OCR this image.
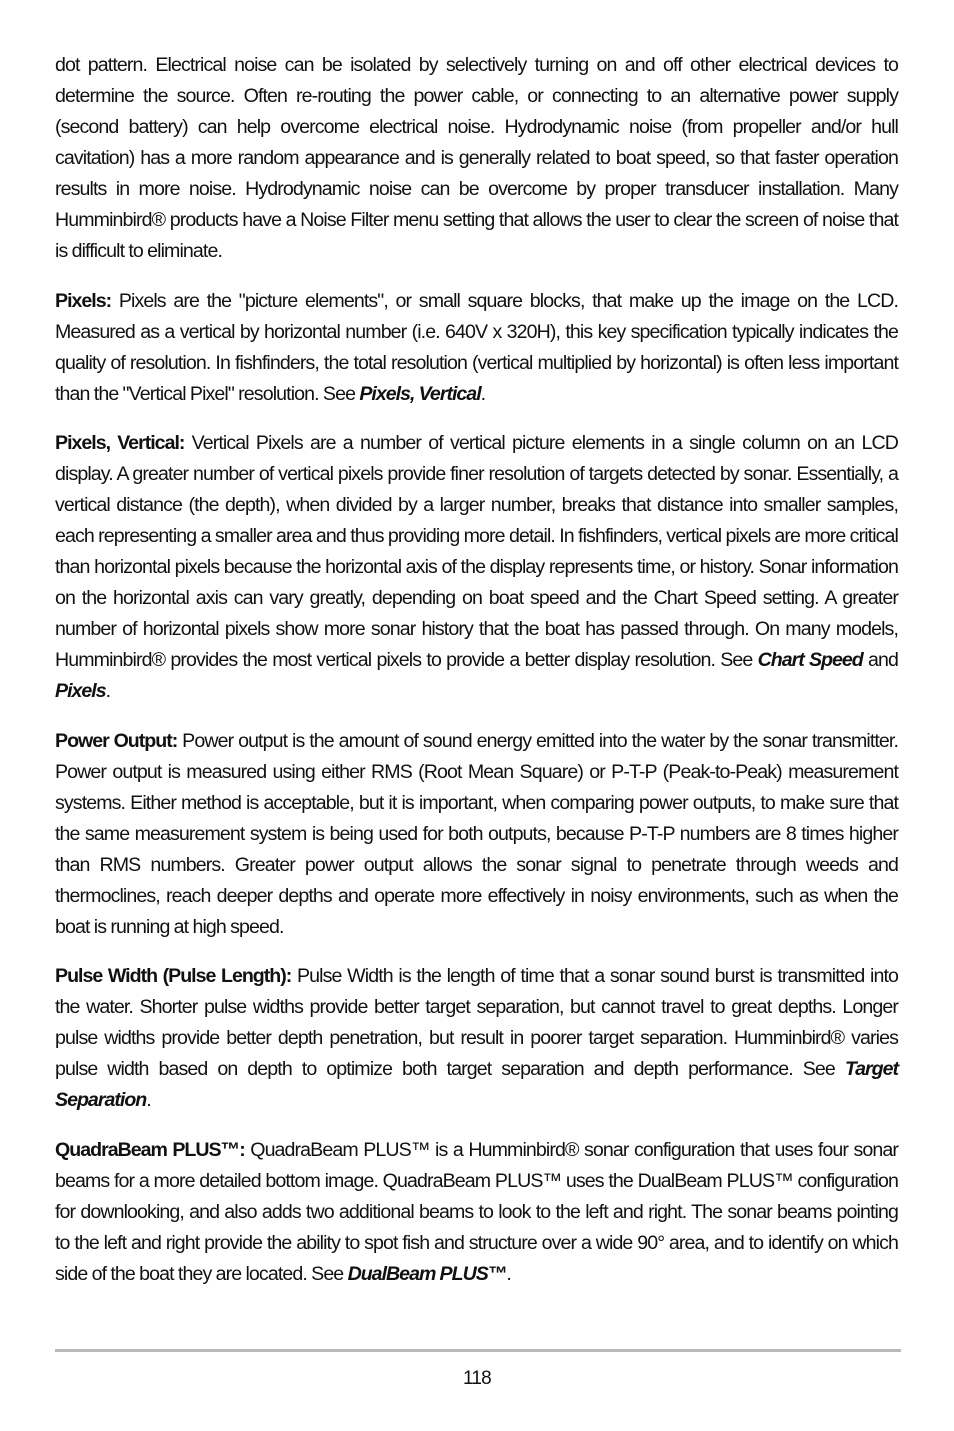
dot pattern. Electrical noise can be isolated by selectively turning on and off other electrical devices to determine the source. Often re-routing the power cable, or connecting to an alternative power supply (second battery) can help overcome electrical noise. Hydrodynamic noise (from propeller and/or hull cavitation) has a more random appearance and is generally related to boat speed, so that faster operation results in more noise. Hydrodynamic noise can be overcome by proper transducer installation. Many Humminbird® products have a Noise Filter menu setting that allows the user to clear the screen of noise that is difficult to eliminate.

Pixels: Pixels are the "picture elements", or small square blocks, that make up the image on the LCD. Measured as a vertical by horizontal number (i.e. 640V x 320H), this key specification typically indicates the quality of resolution. In fishfinders, the total resolution (vertical multiplied by horizontal) is often less important than the "Vertical Pixel" resolution. See Pixels, Vertical.

Pixels, Vertical: Vertical Pixels are a number of vertical picture elements in a single column on an LCD display. A greater number of vertical pixels provide finer resolution of targets detected by sonar. Essentially, a vertical distance (the depth), when divided by a larger number, breaks that distance into smaller samples, each representing a smaller area and thus providing more detail. In fishfinders, vertical pixels are more critical than horizontal pixels because the horizontal axis of the display represents time, or history. Sonar information on the horizontal axis can vary greatly, depending on boat speed and the Chart Speed setting. A greater number of horizontal pixels show more sonar history that the boat has passed through. On many models, Humminbird® provides the most vertical pixels to provide a better display resolution. See Chart Speed and Pixels.

Power Output: Power output is the amount of sound energy emitted into the water by the sonar transmitter. Power output is measured using either RMS (Root Mean Square) or P-T-P (Peak-to-Peak) measurement systems. Either method is acceptable, but it is important, when comparing power outputs, to make sure that the same measurement system is being used for both outputs, because P-T-P numbers are 8 times higher than RMS numbers. Greater power output allows the sonar signal to penetrate through weeds and thermoclines, reach deeper depths and operate more effectively in noisy environments, such as when the boat is running at high speed.

Pulse Width (Pulse Length): Pulse Width is the length of time that a sonar sound burst is transmitted into the water. Shorter pulse widths provide better target separation, but cannot travel to great depths. Longer pulse widths provide better depth penetration, but result in poorer target separation. Humminbird® varies pulse width based on depth to optimize both target separation and depth performance. See Target Separation.

QuadraBeam PLUS™: QuadraBeam PLUS™ is a Humminbird® sonar configuration that uses four sonar beams for a more detailed bottom image. QuadraBeam PLUS™ uses the DualBeam PLUS™ configuration for downlooking, and also adds two additional beams to look to the left and right. The sonar beams pointing to the left and right provide the ability to spot fish and structure over a wide 90° area, and to identify on which side of the boat they are located. See DualBeam PLUS™.

118
